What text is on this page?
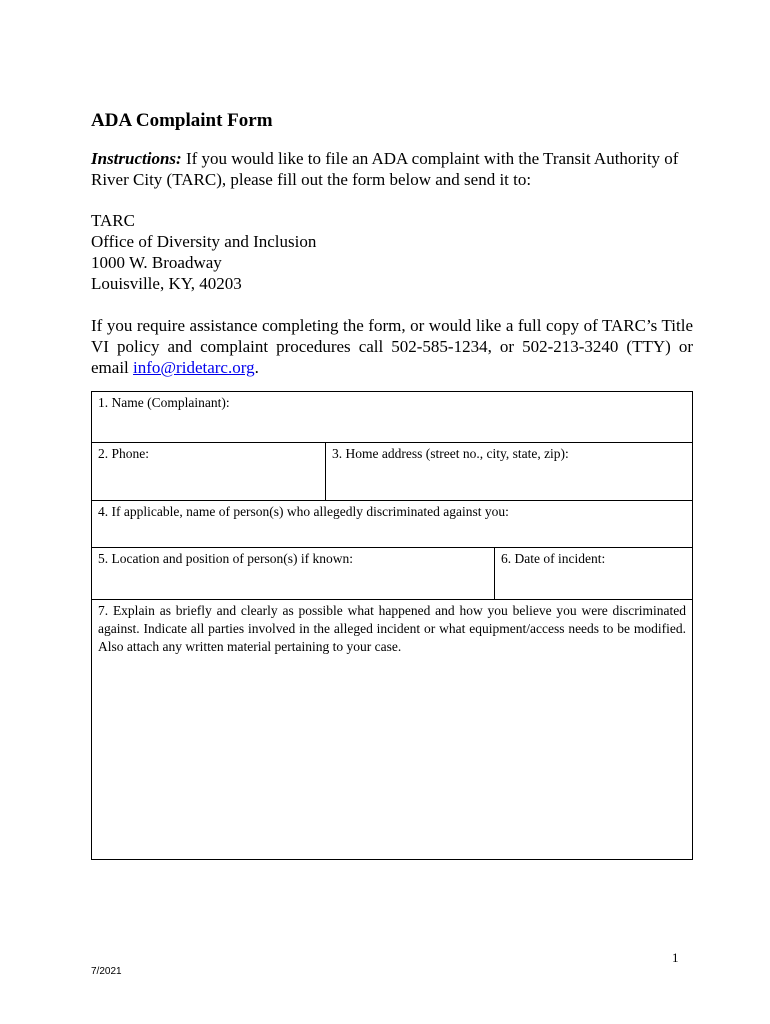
ADA Complaint Form

Instructions: If you would like to file an ADA complaint with the Transit Authority of River City (TARC), please fill out the form below and send it to:

TARC
Office of Diversity and Inclusion
1000 W. Broadway
Louisville, KY, 40203

If you require assistance completing the form, or would like a full copy of TARC’s Title VI policy and complaint procedures call 502-585-1234, or 502-213-3240 (TTY) or email info@ridetarc.org.

1. Name (Complainant):
2. Phone:	3. Home address (street no., city, state, zip):
4. If applicable, name of person(s) who allegedly discriminated against you:
5. Location and position of person(s) if known:	6. Date of incident:
7. Explain as briefly and clearly as possible what happened and how you believe you were discriminated against. Indicate all parties involved in the alleged incident or what equipment/access needs to be modified. Also attach any written material pertaining to your case.
1
7/2021
